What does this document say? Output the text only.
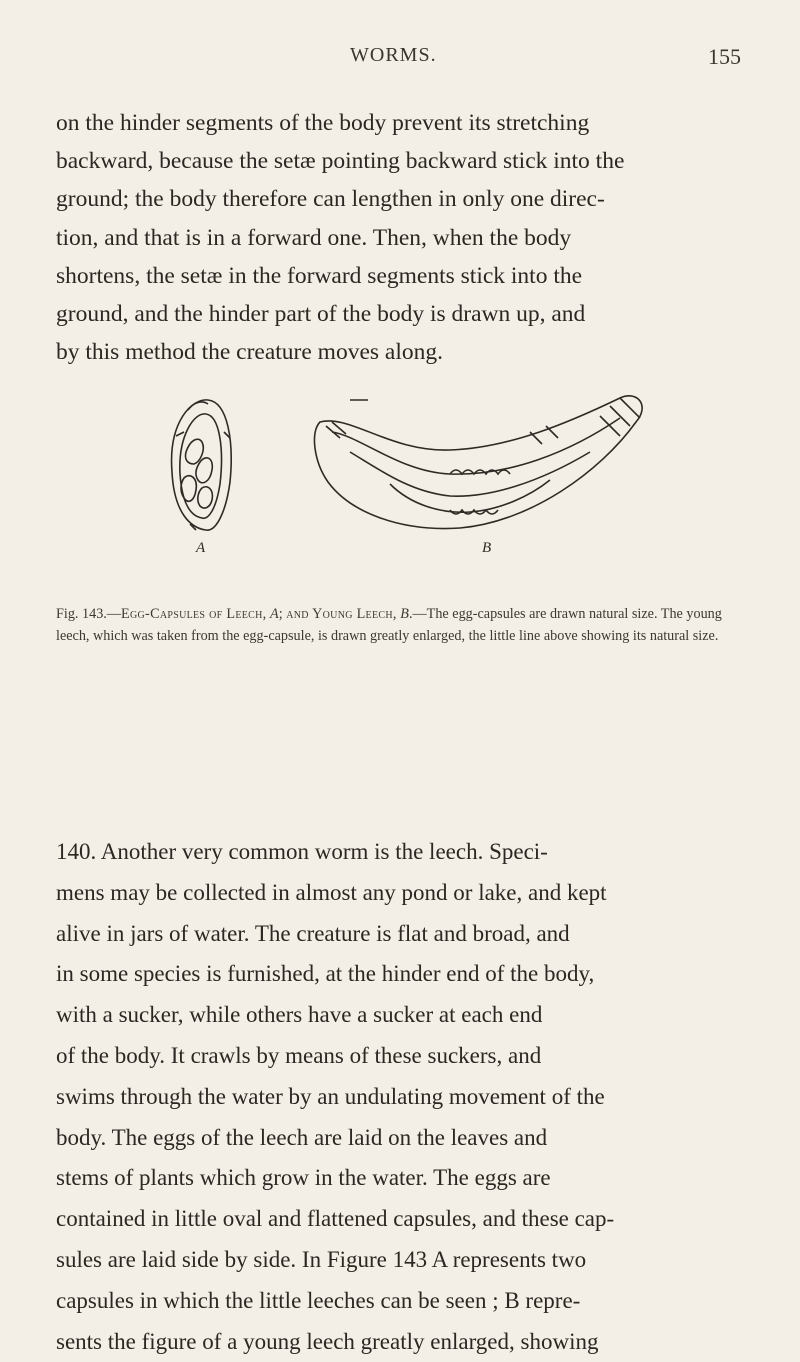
WORMS.	155

on the hinder segments of the body prevent its stretching
backward, because the setæ pointing backward stick into the
ground; the body therefore can lengthen in only one direc-
tion, and that is in a forward one. Then, when the body
shortens, the setæ in the forward segments stick into the
ground, and the hinder part of the body is drawn up, and
by this method the creature moves along.

A	B

Fig. 143.—Egg-Capsules of Leech, A; and Young Leech, B.—The egg-capsules are drawn natural size. The young leech, which was taken from the egg-capsule, is drawn greatly enlarged, the little line above showing its natural size.

140. Another very common worm is the leech. Speci-
mens may be collected in almost any pond or lake, and kept
alive in jars of water. The creature is flat and broad, and
in some species is furnished, at the hinder end of the body,
with a sucker, while others have a sucker at each end
of the body. It crawls by means of these suckers, and
swims through the water by an undulating movement of the
body. The eggs of the leech are laid on the leaves and
stems of plants which grow in the water. The eggs are
contained in little oval and flattened capsules, and these cap-
sules are laid side by side. In Figure 143 A represents two
capsules in which the little leeches can be seen ; B repre-
sents the figure of a young leech greatly enlarged, showing
